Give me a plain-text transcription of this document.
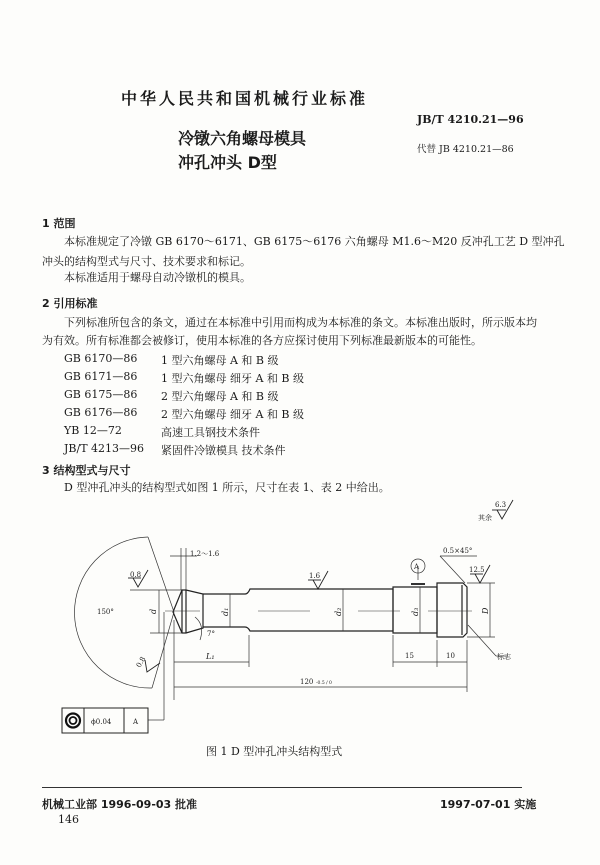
中华人民共和国机械行业标准
JB/T 4210.21—96
冷镦六角螺母模具
冲孔冲头 D型
代替 JB 4210.21—86
1 范围
本标准规定了冷镦 GB 6170～6171、GB 6175～6176 六角螺母 M1.6～M20 反冲孔工艺 D 型冲孔
冲头的结构型式与尺寸、技术要求和标记。
本标准适用于螺母自动冷镦机的模具。
2 引用标准
下列标准所包含的条文，通过在本标准中引用而构成为本标准的条文。本标准出版时，所示版本均
为有效。所有标准都会被修订，使用本标准的各方应探讨使用下列标准最新版本的可能性。
GB 6170—86 1 型六角螺母 A 和 B 级
GB 6171—86 1 型六角螺母 细牙 A 和 B 级
GB 6175—86 2 型六角螺母 A 和 B 级
GB 6176—86 2 型六角螺母 细牙 A 和 B 级
YB 12—72	高速工具钢技术条件
JB/T 4213—96 紧固件冷镦模具 技术条件
3 结构型式与尺寸
D 型冲孔冲头的结构型式如图 1 所示，尺寸在表 1、表 2 中给出。
1.2～1.6
0.8
0.8
1.6
12.5
0.5×45°
6.3
其余
150°
A
7°
15	10
120 -0.5 / 0
标志
d	d₁	d₂	d₃	D
L₁
ϕ0.04	A
图 1 D 型冲孔冲头结构型式
机械工业部 1996-09-03 批准	1997-07-01 实施
146
